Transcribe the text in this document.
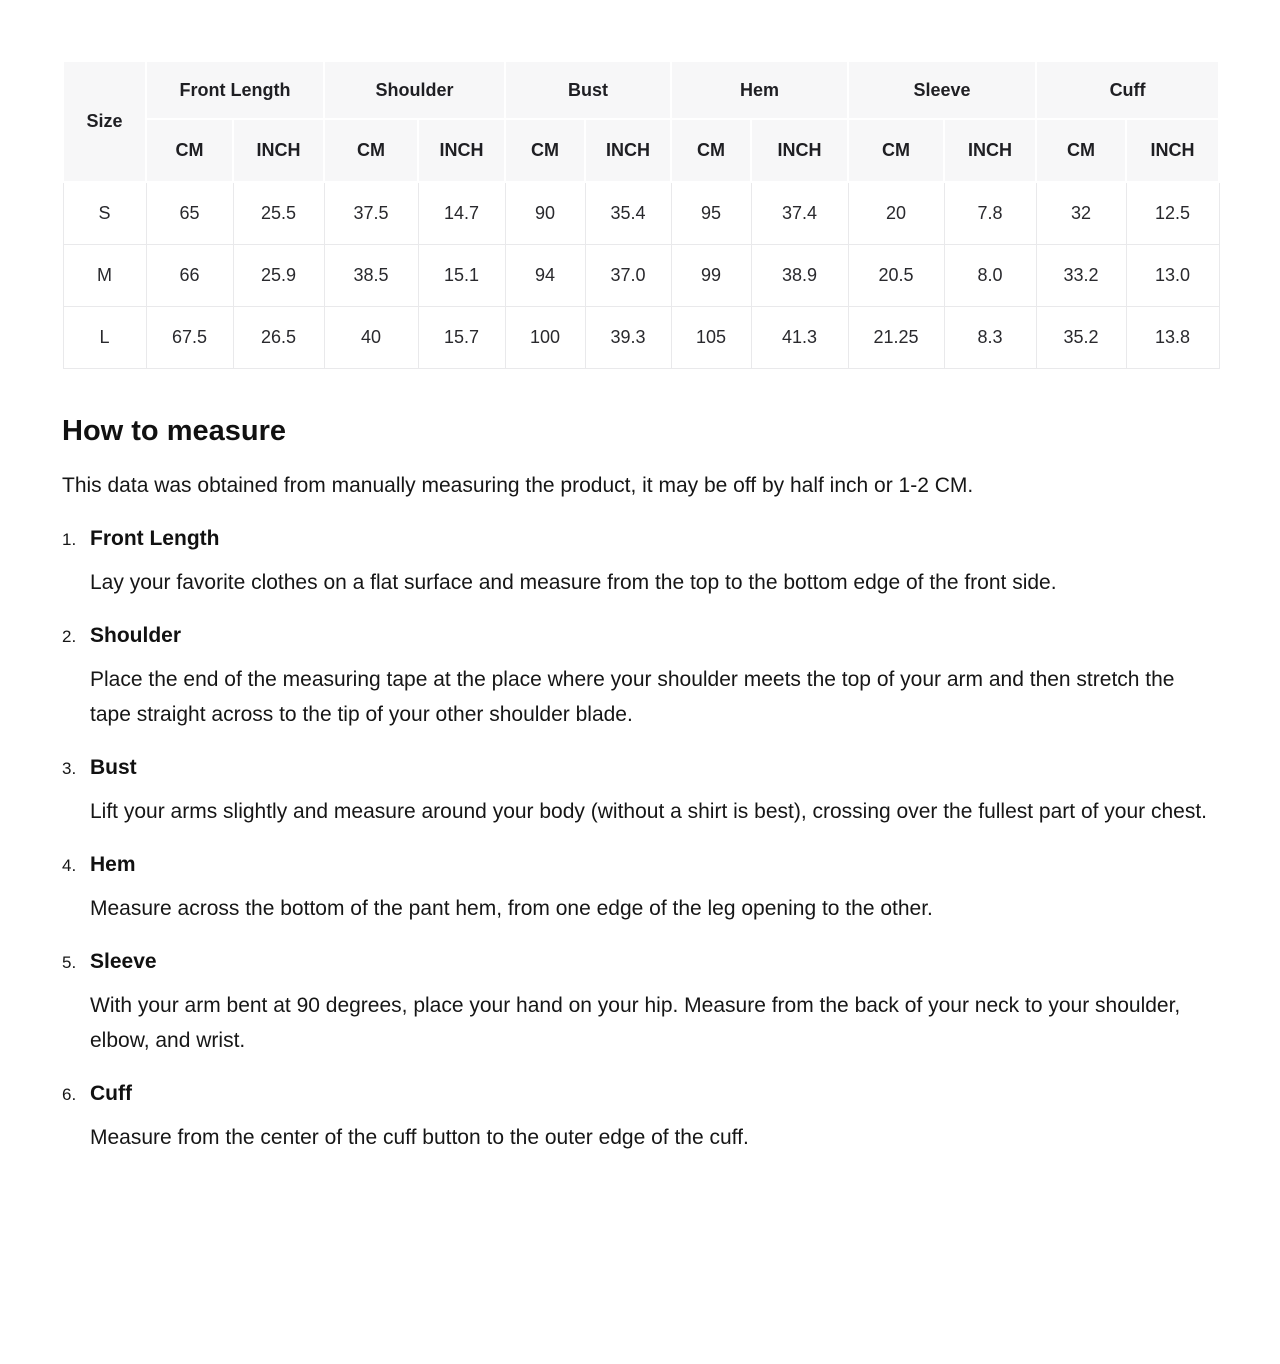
Size	Front Length		Shoulder		Bust		Hem		Sleeve		Cuff	
	CM	INCH	CM	INCH	CM	INCH	CM	INCH	CM	INCH	CM	INCH
S	65	25.5	37.5	14.7	90	35.4	95	37.4	20	7.8	32	12.5
M	66	25.9	38.5	15.1	94	37.0	99	38.9	20.5	8.0	33.2	13.0
L	67.5	26.5	40	15.7	100	39.3	105	41.3	21.25	8.3	35.2	13.8
How to measure

This data was obtained from manually measuring the product, it may be off by half inch or 1-2 CM.

1. Front Length

Lay your favorite clothes on a flat surface and measure from the top to the bottom edge of the front side.

2. Shoulder

Place the end of the measuring tape at the place where your shoulder meets the top of your arm and then stretch the tape straight across to the tip of your other shoulder blade.

3. Bust

Lift your arms slightly and measure around your body (without a shirt is best), crossing over the fullest part of your chest.

4. Hem

Measure across the bottom of the pant hem, from one edge of the leg opening to the other.

5. Sleeve

With your arm bent at 90 degrees, place your hand on your hip. Measure from the back of your neck to your shoulder, elbow, and wrist.

6. Cuff

Measure from the center of the cuff button to the outer edge of the cuff.
